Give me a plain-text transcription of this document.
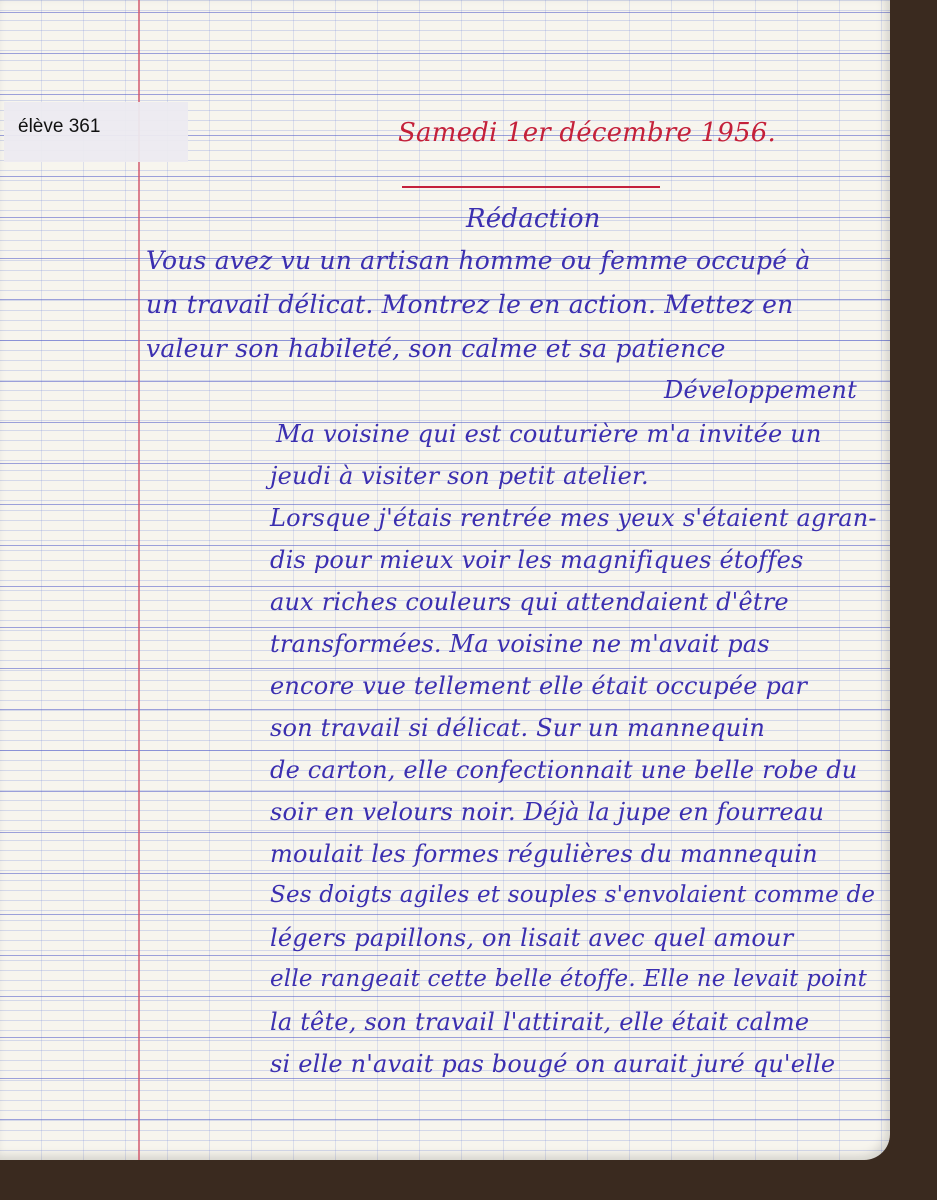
élève 361	Samedi 1er décembre 1956.
Rédaction
Vous avez vu un artisan homme ou femme occupé à
un travail délicat. Montrez le en action. Mettez en
valeur son habileté, son calme et sa patience
Développement
Ma voisine qui est couturière m'a invitée un
jeudi à visiter son petit atelier.
Lorsque j'étais rentrée mes yeux s'étaient agran-
dis pour mieux voir les magnifiques étoffes
aux riches couleurs qui attendaient d'être
transformées. Ma voisine ne m'avait pas
encore vue tellement elle était occupée par
son travail si délicat. Sur un mannequin
de carton, elle confectionnait une belle robe du
soir en velours noir. Déjà la jupe en fourreau
moulait les formes régulières du mannequin
Ses doigts agiles et souples s'envolaient comme de
légers papillons, on lisait avec quel amour
elle rangeait cette belle étoffe. Elle ne levait point
la tête, son travail l'attirait, elle était calme
si elle n'avait pas bougé on aurait juré qu'elle
